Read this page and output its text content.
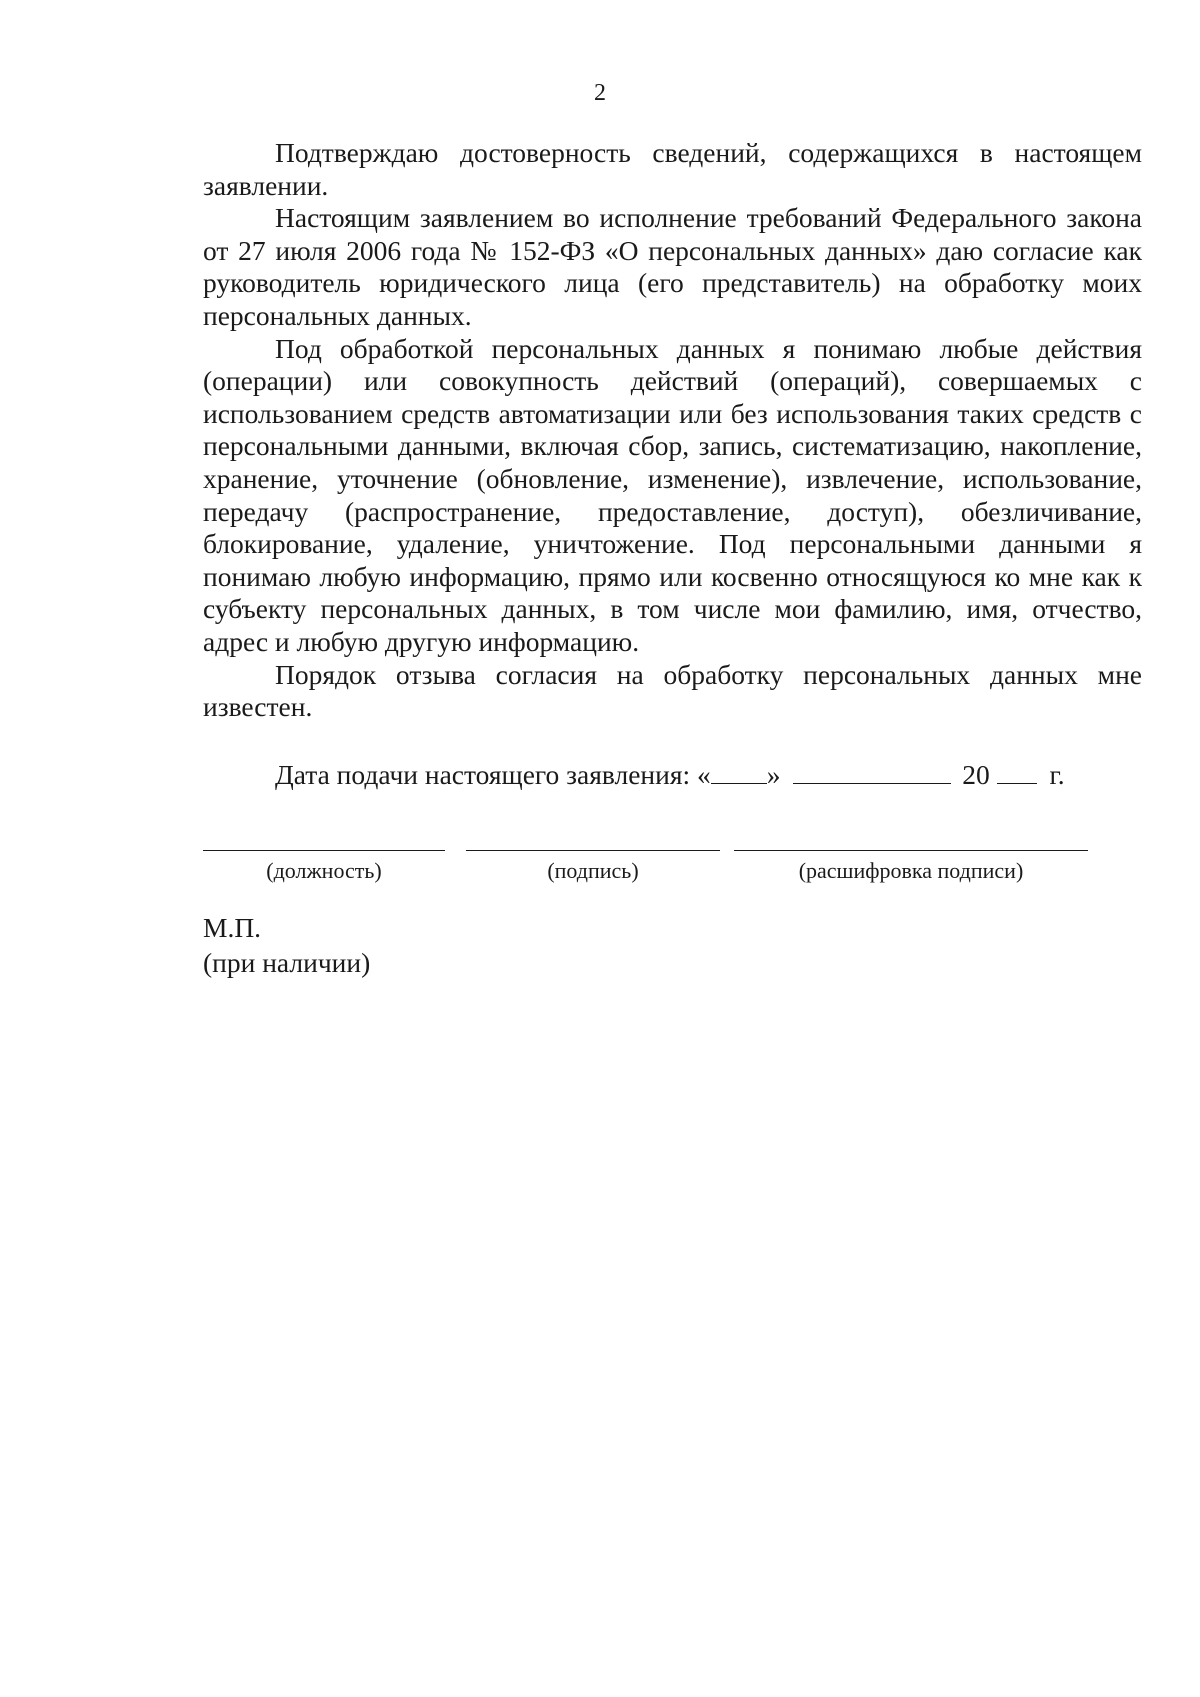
2

Подтверждаю достоверность сведений, содержащихся в настоящем заявлении.

Настоящим заявлением во исполнение требований Федерального закона от 27 июля 2006 года № 152-ФЗ «О персональных данных» даю согласие как руководитель юридического лица (его представитель) на обработку моих персональных данных.

Под обработкой персональных данных я понимаю любые действия (операции) или совокупность действий (операций), совершаемых с использованием средств автоматизации или без использования таких средств с персональными данными, включая сбор, запись, систематизацию, накопление, хранение, уточнение (обновление, изменение), извлечение, использование, передачу (распространение, предоставление, доступ), обезличивание, блокирование, удаление, уничтожение. Под персональными данными я понимаю любую информацию, прямо или косвенно относящуюся ко мне как к субъекту персональных данных, в том числе мои фамилию, имя, отчество, адрес и любую другую информацию.

Порядок отзыва согласия на обработку персональных данных мне известен.

Дата подачи настоящего заявления: « »	20 г.
(должность)	(подпись)	(расшифровка подписи)
М.П.
(при наличии)
